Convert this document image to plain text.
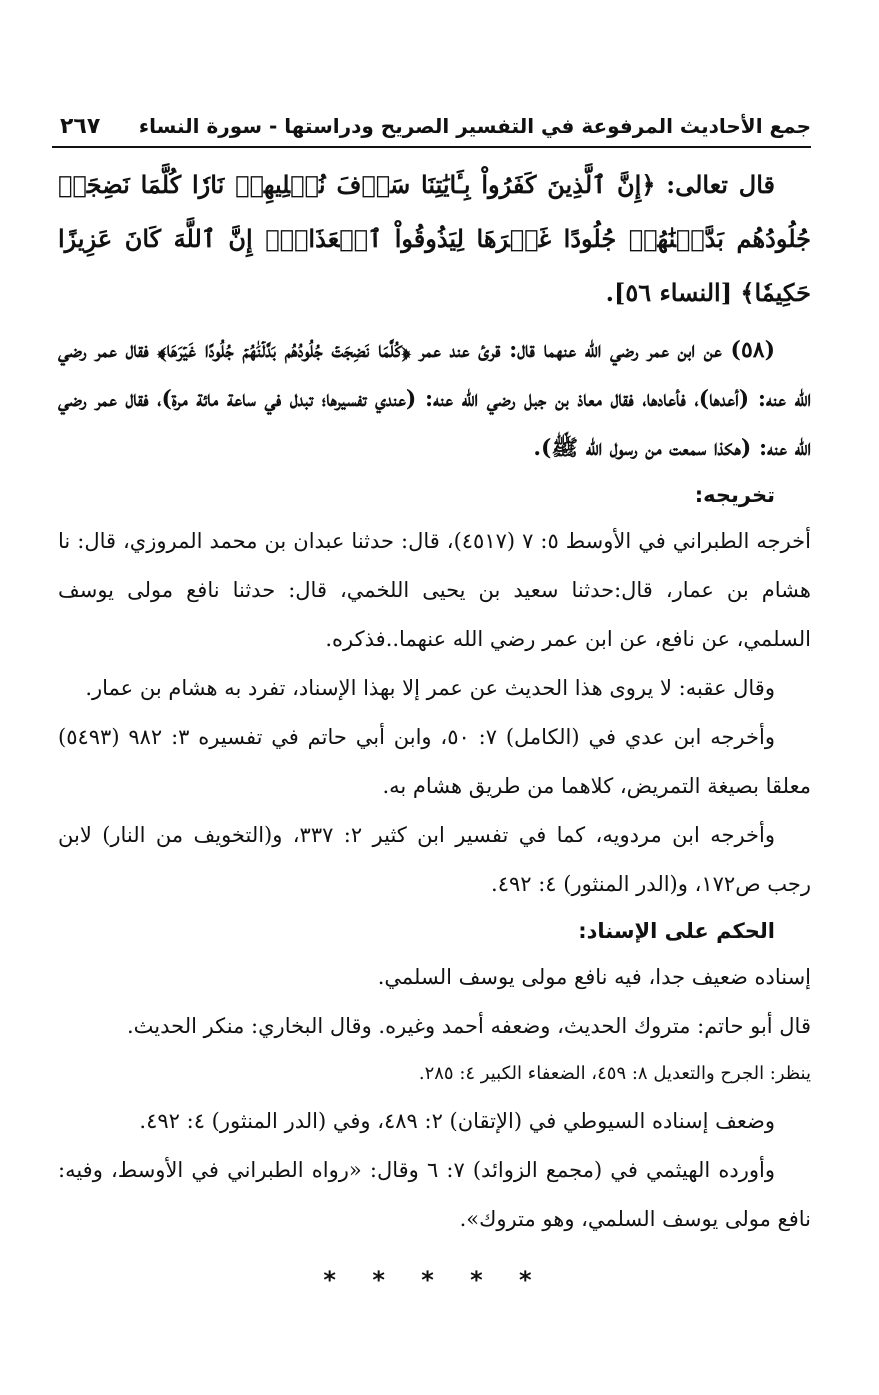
٢٦٧ جمع الأحاديث المرفوعة في التفسير الصريح ودراستها - سورة النساء

قال تعالى: ﴿إِنَّ ٱلَّذِينَ كَفَرُواْ بِـَٔايَٰتِنَا سَوۡفَ نُصۡلِيهِمۡ نَارٗا كُلَّمَا نَضِجَتۡ جُلُودُهُم بَدَّلۡنَٰهُمۡ جُلُودًا غَيۡرَهَا لِيَذُوقُواْ ٱلۡعَذَابَۗ إِنَّ ٱللَّهَ كَانَ عَزِيزًا حَكِيمٗا﴾ [النساء ٥٦].

(٥٨) عن ابن عمر رضي الله عنهما قال: قرئ عند عمر ﴿كُلَّمَا نَضِجَتۡ جُلُودُهُم بَدَّلۡنَٰهُمۡ جُلُودًا غَيۡرَهَا﴾ فقال عمر رضي الله عنه: (أعدها)، فأعادها، فقال معاذ بن جبل رضي الله عنه: (عندي تفسيرها؛ تبدل في ساعة مائة مرة)، فقال عمر رضي الله عنه: (هكذا سمعت من رسول الله ﷺ).

تخريجه:

أخرجه الطبراني في الأوسط ٥: ٧ (٤٥١٧)، قال: حدثنا عبدان بن محمد المروزي، قال: نا هشام بن عمار، قال:حدثنا سعيد بن يحيى اللخمي، قال: حدثنا نافع مولى يوسف السلمي، عن نافع، عن ابن عمر رضي الله عنهما..فذكره.

وقال عقبه: لا يروى هذا الحديث عن عمر إلا بهذا الإسناد، تفرد به هشام بن عمار.

وأخرجه ابن عدي في (الكامل) ٧: ٥٠، وابن أبي حاتم في تفسيره ٣: ٩٨٢ (٥٤٩٣) معلقا بصيغة التمريض، كلاهما من طريق هشام به.

وأخرجه ابن مردويه، كما في تفسير ابن كثير ٢: ٣٣٧، و(التخويف من النار) لابن رجب ص١٧٢، و(الدر المنثور) ٤: ٤٩٢.

الحكم على الإسناد:

إسناده ضعيف جدا، فيه نافع مولى يوسف السلمي.

قال أبو حاتم: متروك الحديث، وضعفه أحمد وغيره. وقال البخاري: منكر الحديث.

ينظر: الجرح والتعديل ٨: ٤٥٩، الضعفاء الكبير ٤: ٢٨٥.

وضعف إسناده السيوطي في (الإتقان) ٢: ٤٨٩، وفي (الدر المنثور) ٤: ٤٩٢.

وأورده الهيثمي في (مجمع الزوائد) ٧: ٦ وقال: «رواه الطبراني في الأوسط، وفيه: نافع مولى يوسف السلمي، وهو متروك».

* * * * *
